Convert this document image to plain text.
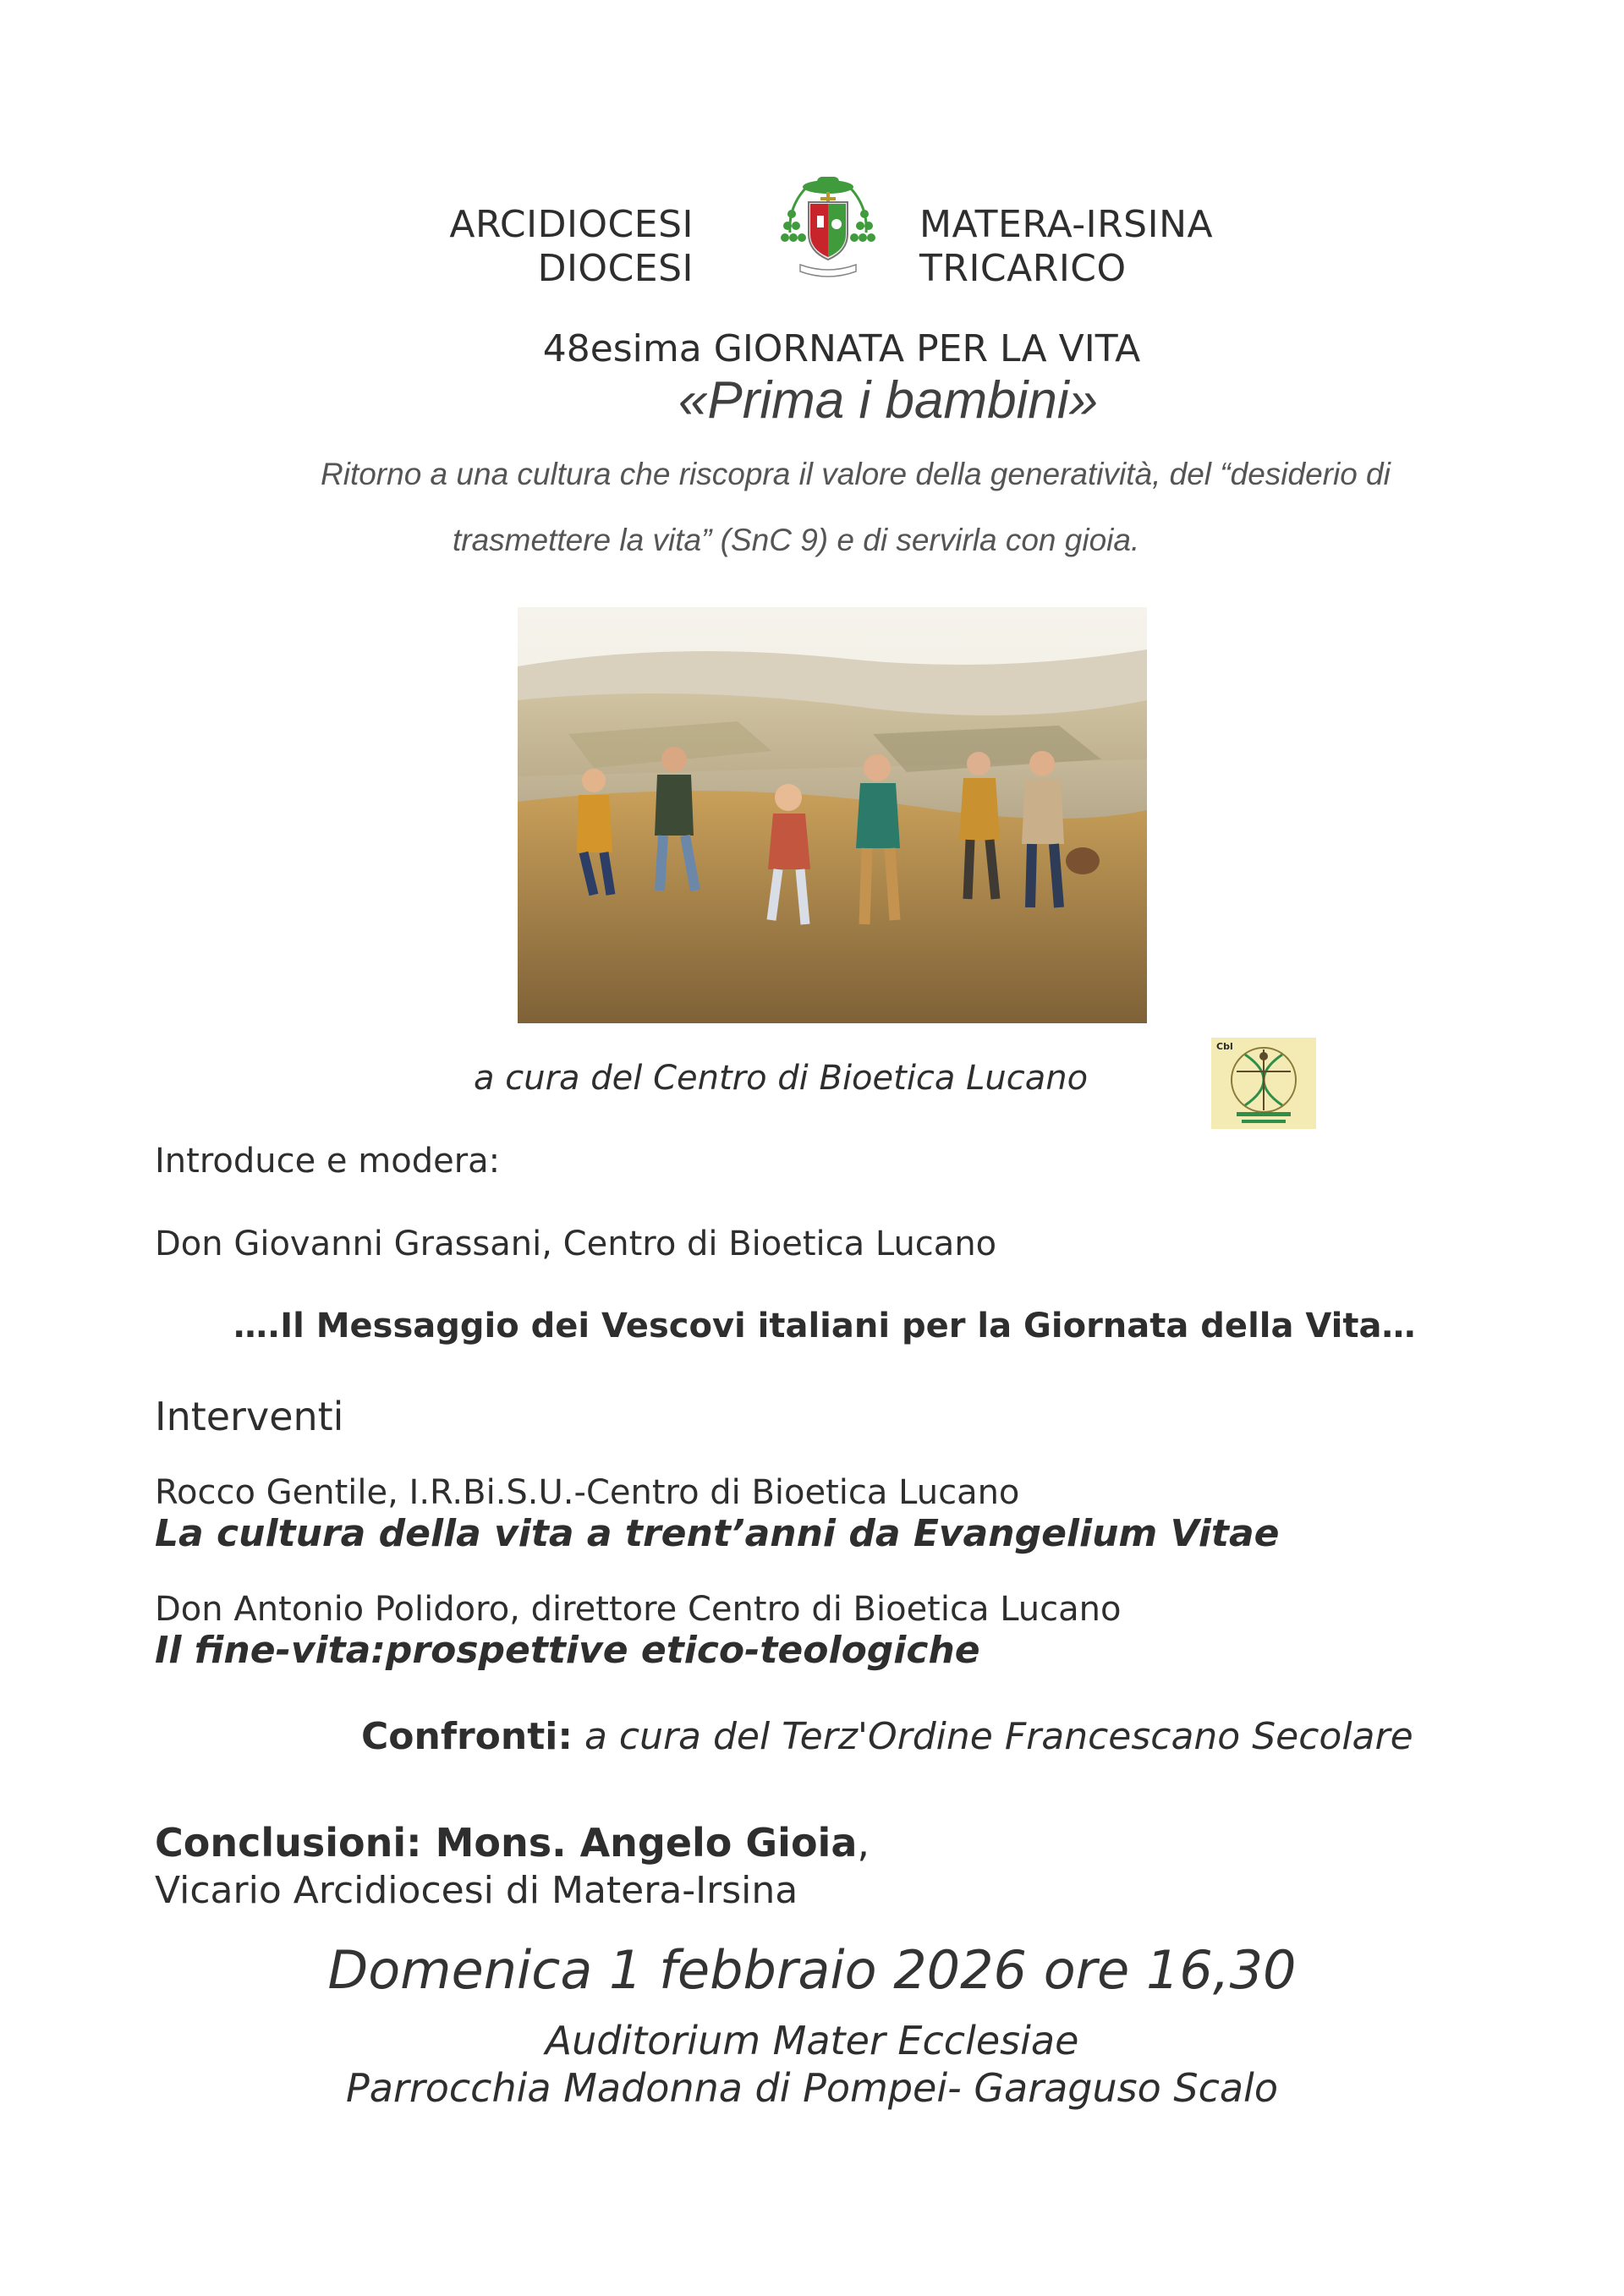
ARCIDIOCESI
DIOCESI
MATERA-IRSINA
TRICARICO
48esima GIORNATA PER LA VITA
«Prima i bambini»
Ritorno a una cultura che riscopra il valore della generatività, del “desiderio di
trasmettere la vita” (SnC 9) e di servirla con gioia.
a cura del Centro di Bioetica Lucano
Cbl
Introduce e modera:
Don Giovanni Grassani, Centro di Bioetica Lucano
….Il Messaggio dei Vescovi italiani per la Giornata della Vita…
Interventi
Rocco Gentile, I.R.Bi.S.U.-Centro di Bioetica Lucano
La cultura della vita a trent’anni da Evangelium Vitae
Don Antonio Polidoro, direttore Centro di Bioetica Lucano
Il fine-vita:prospettive etico-teologiche
Confronti: a cura del Terz'Ordine Francescano Secolare
Conclusioni: Mons. Angelo Gioia,
Vicario Arcidiocesi di Matera-Irsina
Domenica 1 febbraio 2026 ore 16,30
Auditorium Mater Ecclesiae
Parrocchia Madonna di Pompei- Garaguso Scalo
